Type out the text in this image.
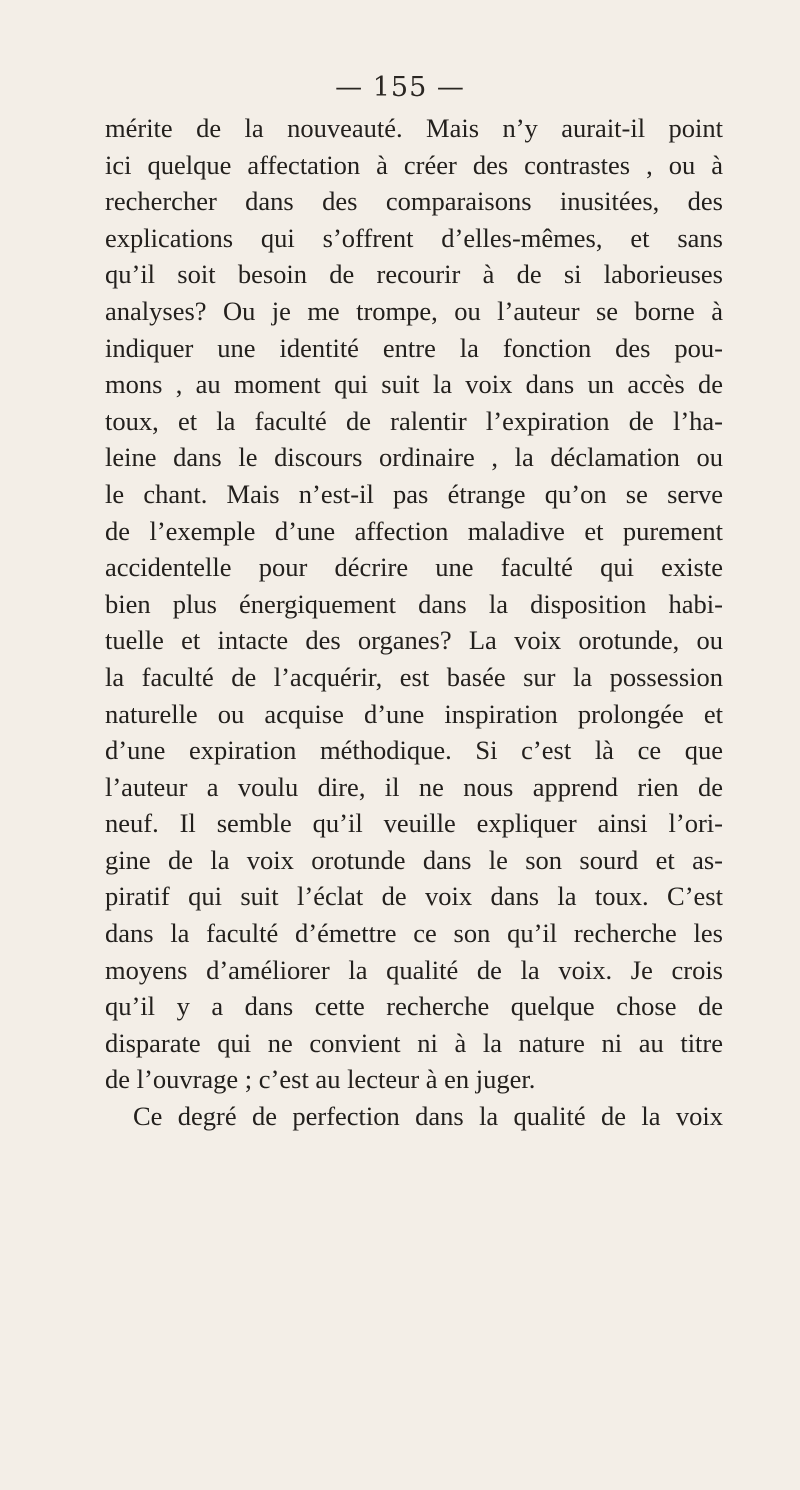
— 155 —
mérite de la nouveauté. Mais n’y aurait-il point
ici quelque affectation à créer des contrastes , ou à
rechercher dans des comparaisons inusitées, des
explications qui s’offrent d’elles-mêmes, et sans
qu’il soit besoin de recourir à de si laborieuses
analyses? Ou je me trompe, ou l’auteur se borne à
indiquer une identité entre la fonction des pou-
mons , au moment qui suit la voix dans un accès de
toux, et la faculté de ralentir l’expiration de l’ha-
leine dans le discours ordinaire , la déclamation ou
le chant. Mais n’est-il pas étrange qu’on se serve
de l’exemple d’une affection maladive et purement
accidentelle pour décrire une faculté qui existe
bien plus énergiquement dans la disposition habi-
tuelle et intacte des organes? La voix orotunde, ou
la faculté de l’acquérir, est basée sur la possession
naturelle ou acquise d’une inspiration prolongée et
d’une expiration méthodique. Si c’est là ce que
l’auteur a voulu dire, il ne nous apprend rien de
neuf. Il semble qu’il veuille expliquer ainsi l’ori-
gine de la voix orotunde dans le son sourd et as-
piratif qui suit l’éclat de voix dans la toux. C’est
dans la faculté d’émettre ce son qu’il recherche les
moyens d’améliorer la qualité de la voix. Je crois
qu’il y a dans cette recherche quelque chose de
disparate qui ne convient ni à la nature ni au titre
de l’ouvrage ; c’est au lecteur à en juger.
Ce degré de perfection dans la qualité de la voix
